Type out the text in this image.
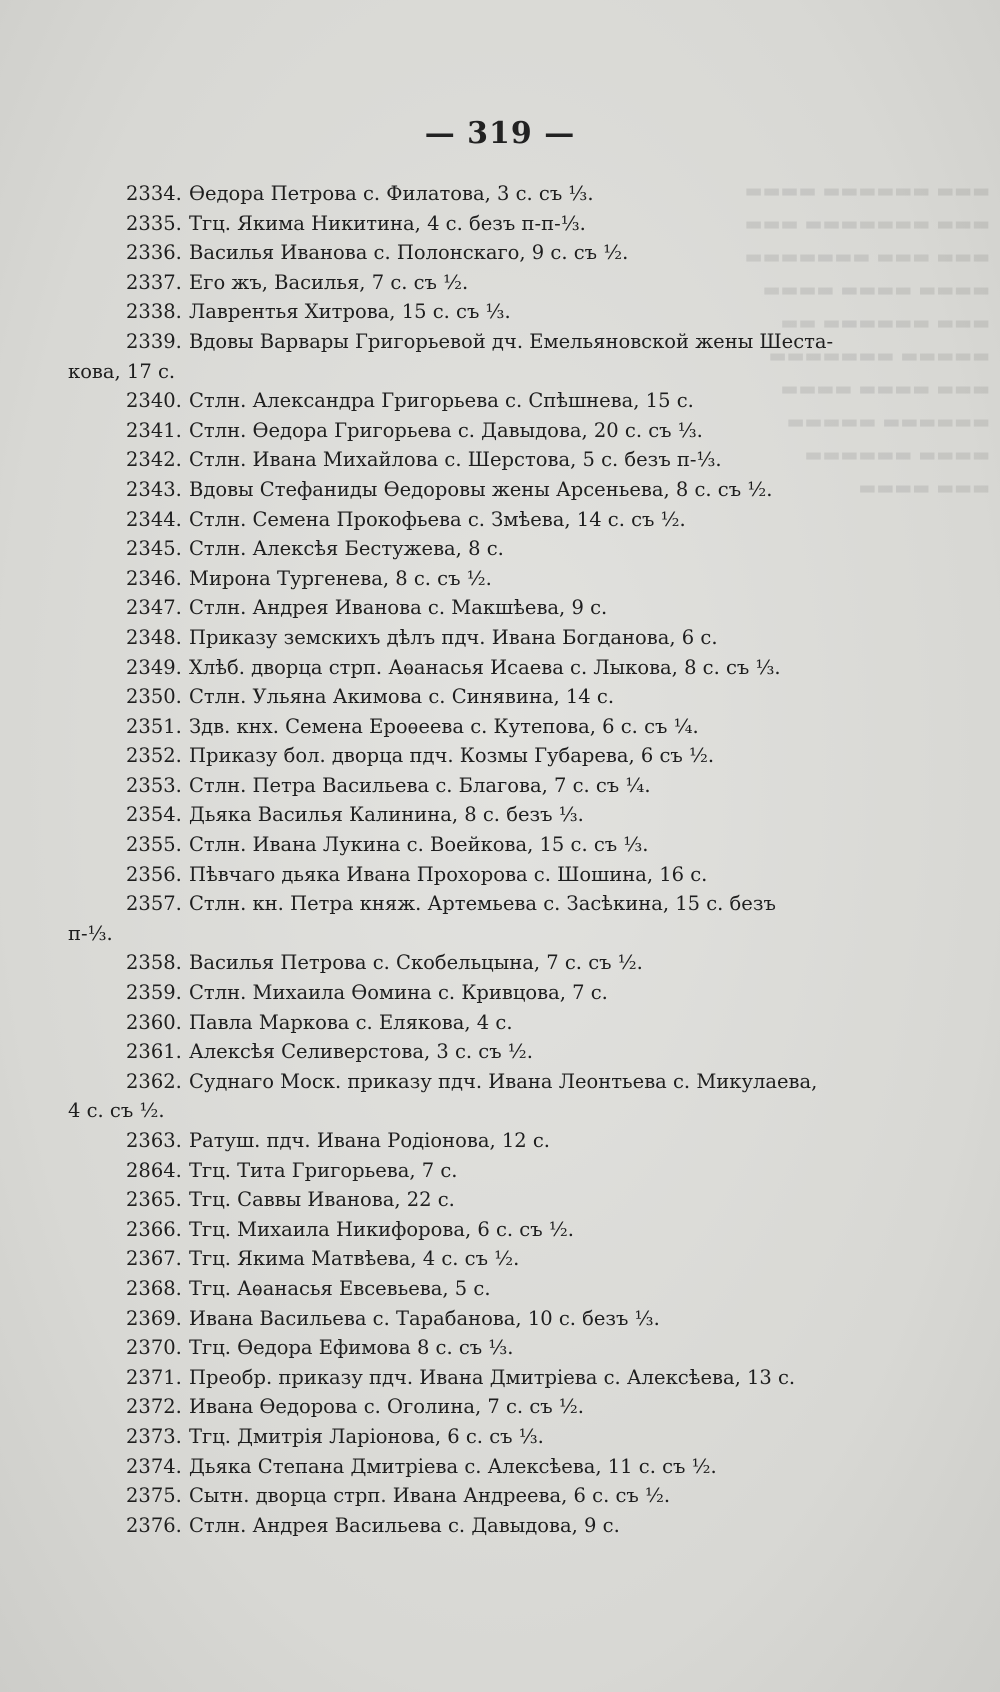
▬▬▬ ▬▬▬▬▬▬ ▬▬▬▬
▬▬▬ ▬▬▬▬▬▬▬ ▬▬▬
▬▬▬ ▬▬▬ ▬▬▬▬▬▬▬
▬▬▬▬ ▬▬▬▬ ▬▬▬▬
▬▬▬ ▬▬▬▬▬▬ ▬▬
▬▬▬▬▬ ▬▬▬▬▬▬▬
▬▬▬ ▬▬▬▬ ▬▬▬▬
▬▬▬▬▬▬ ▬▬▬▬▬
▬▬▬▬ ▬▬▬▬▬▬
▬▬▬ ▬▬▬▬
— 319 —
2334. Ѳедора Петрова с. Филатова, 3 с. съ ⅓.
2335. Тгц. Якима Никитина, 4 с. безъ п-п-⅓.
2336. Василья Иванова с. Полонскаго, 9 с. съ ½.
2337. Его жъ, Василья, 7 с. съ ½.
2338. Лаврентья Хитрова, 15 с. съ ⅓.
2339. Вдовы Варвары Григорьевой дч. Емельяновской жены Шеста-
кова, 17 с.
2340. Стлн. Александра Григорьева с. Спѣшнева, 15 с.
2341. Стлн. Ѳедора Григорьева с. Давыдова, 20 с. съ ⅓.
2342. Стлн. Ивана Михайлова с. Шерстова, 5 с. безъ п-⅓.
2343. Вдовы Стефаниды Ѳедоровы жены Арсеньева, 8 с. съ ½.
2344. Стлн. Семена Прокофьева с. Змѣева, 14 с. съ ½.
2345. Стлн. Алексѣя Бестужева, 8 с.
2346. Мирона Тургенева, 8 с. съ ½.
2347. Стлн. Андрея Иванова с. Макшѣева, 9 с.
2348. Приказу земскихъ дѣлъ пдч. Ивана Богданова, 6 с.
2349. Хлѣб. дворца стрп. Аѳанасья Исаева с. Лыкова, 8 с. съ ⅓.
2350. Стлн. Ульяна Акимова с. Синявина, 14 с.
2351. Здв. кнх. Семена Ероѳеева с. Кутепова, 6 с. съ ¼.
2352. Приказу бол. дворца пдч. Козмы Губарева, 6 съ ½.
2353. Стлн. Петра Васильева с. Благова, 7 с. съ ¼.
2354. Дьяка Василья Калинина, 8 с. безъ ⅓.
2355. Стлн. Ивана Лукина с. Воейкова, 15 с. съ ⅓.
2356. Пѣвчаго дьяка Ивана Прохорова с. Шошина, 16 с.
2357. Стлн. кн. Петра княж. Артемьева с. Засѣкина, 15 с. безъ
п-⅓.
2358. Василья Петрова с. Скобельцына, 7 с. съ ½.
2359. Стлн. Михаила Ѳомина с. Кривцова, 7 с.
2360. Павла Маркова с. Елякова, 4 с.
2361. Алексѣя Селиверстова, 3 с. съ ½.
2362. Суднаго Моск. приказу пдч. Ивана Леонтьева с. Микулаева,
4 с. съ ½.
2363. Ратуш. пдч. Ивана Родіонова, 12 с.
2864. Тгц. Тита Григорьева, 7 с.
2365. Тгц. Саввы Иванова, 22 с.
2366. Тгц. Михаила Никифорова, 6 с. съ ½.
2367. Тгц. Якима Матвѣева, 4 с. съ ½.
2368. Тгц. Аѳанасья Евсевьева, 5 с.
2369. Ивана Васильева с. Тарабанова, 10 с. безъ ⅓.
2370. Тгц. Ѳедора Ефимова 8 с. съ ⅓.
2371. Преобр. приказу пдч. Ивана Дмитріева с. Алексѣева, 13 с.
2372. Ивана Ѳедорова с. Оголина, 7 с. съ ½.
2373. Тгц. Дмитрія Ларіонова, 6 с. съ ⅓.
2374. Дьяка Степана Дмитріева с. Алексѣева, 11 с. съ ½.
2375. Сытн. дворца стрп. Ивана Андреева, 6 с. съ ½.
2376. Стлн. Андрея Васильева с. Давыдова, 9 с.
